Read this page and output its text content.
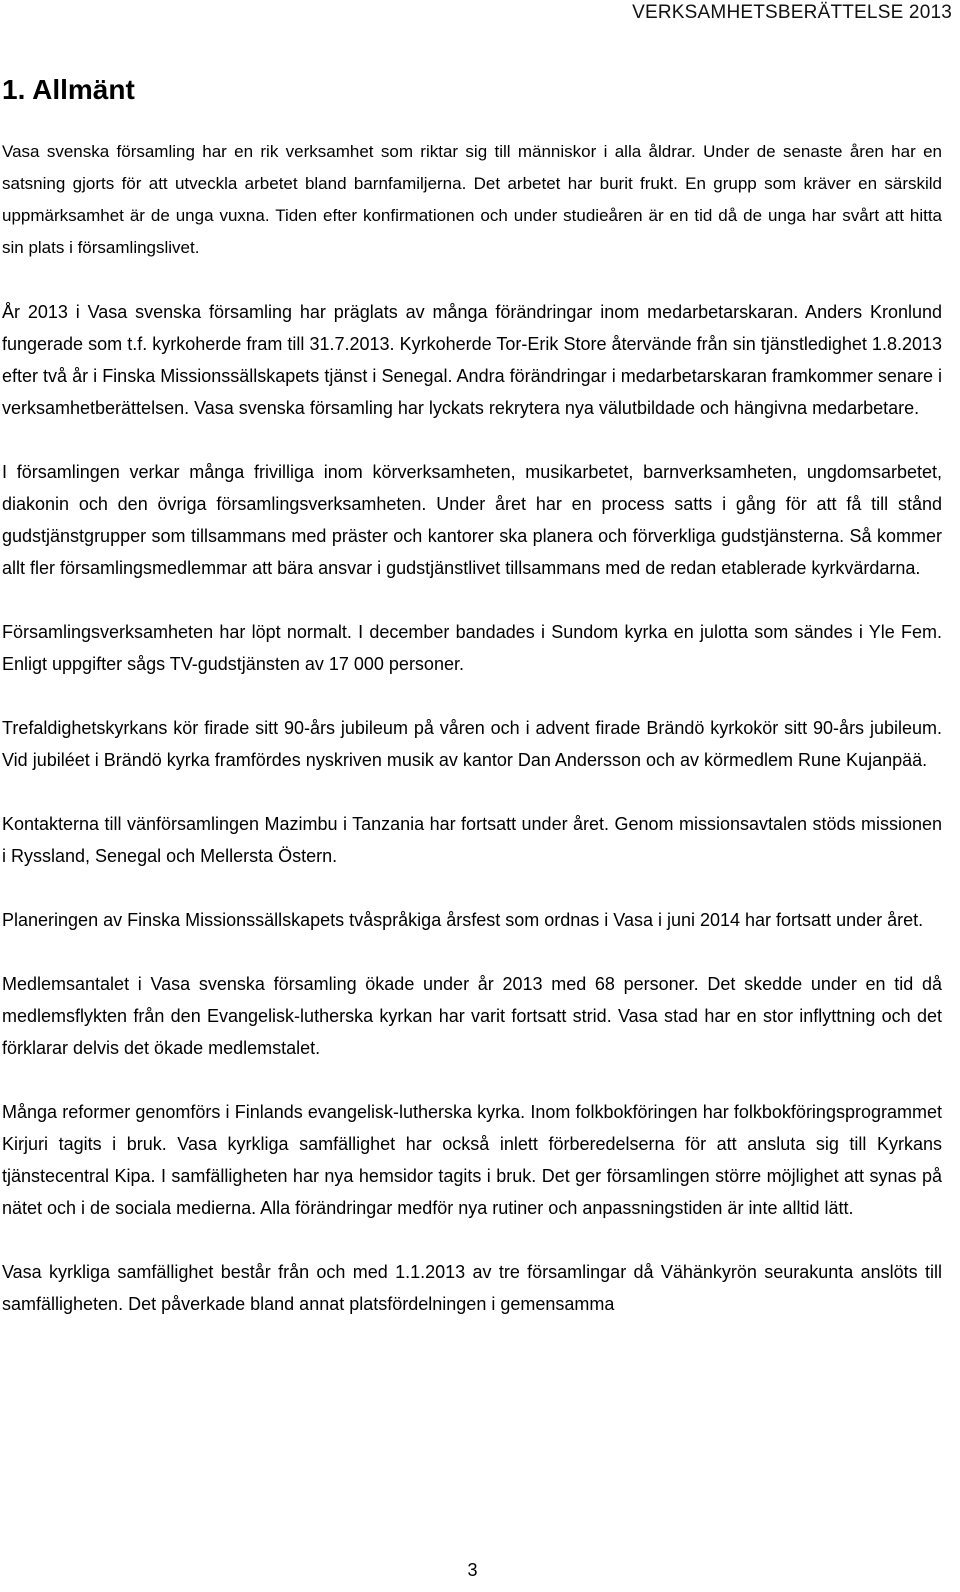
VERKSAMHETSBERÄTTELSE 2013
1. Allmänt

Vasa svenska församling har en rik verksamhet som riktar sig till människor i alla åldrar. Under de senaste åren har en satsning gjorts för att utveckla arbetet bland barnfamiljerna. Det arbetet har burit frukt. En grupp som kräver en särskild uppmärksamhet är de unga vuxna. Tiden efter konfirmationen och under studieåren är en tid då de unga har svårt att hitta sin plats i församlingslivet.

År 2013 i Vasa svenska församling har präglats av många förändringar inom medarbetarskaran. Anders Kronlund fungerade som t.f. kyrkoherde fram till 31.7.2013. Kyrkoherde Tor-Erik Store återvände från sin tjänstledighet 1.8.2013 efter två år i Finska Missionssällskapets tjänst i Senegal. Andra förändringar i medarbetarskaran framkommer senare i verksamhetberättelsen. Vasa svenska församling har lyckats rekrytera nya välutbildade och hängivna medarbetare.

I församlingen verkar många frivilliga inom körverksamheten, musikarbetet, barnverksamheten, ungdomsarbetet, diakonin och den övriga församlingsverksamheten. Under året har en process satts i gång för att få till stånd gudstjänstgrupper som tillsammans med präster och kantorer ska planera och förverkliga gudstjänsterna. Så kommer allt fler församlingsmedlemmar att bära ansvar i gudstjänstlivet tillsammans med de redan etablerade kyrkvärdarna.

Församlingsverksamheten har löpt normalt. I december bandades i Sundom kyrka en julotta som sändes i Yle Fem. Enligt uppgifter sågs TV-gudstjänsten av 17 000 personer.

Trefaldighetskyrkans kör firade sitt 90-års jubileum på våren och i advent firade Brändö kyrkokör sitt 90-års jubileum. Vid jubiléet i Brändö kyrka framfördes nyskriven musik av kantor Dan Andersson och av körmedlem Rune Kujanpää.

Kontakterna till vänförsamlingen Mazimbu i Tanzania har fortsatt under året. Genom missionsavtalen stöds missionen i Ryssland, Senegal och Mellersta Östern.

Planeringen av Finska Missionssällskapets tvåspråkiga årsfest som ordnas i Vasa i juni 2014 har fortsatt under året.

Medlemsantalet i Vasa svenska församling ökade under år 2013 med 68 personer. Det skedde under en tid då medlemsflykten från den Evangelisk-lutherska kyrkan har varit fortsatt strid. Vasa stad har en stor inflyttning och det förklarar delvis det ökade medlemstalet.

Många reformer genomförs i Finlands evangelisk-lutherska kyrka. Inom folkbokföringen har folkbokföringsprogrammet Kirjuri tagits i bruk. Vasa kyrkliga samfällighet har också inlett förberedelserna för att ansluta sig till Kyrkans tjänstecentral Kipa. I samfälligheten har nya hemsidor tagits i bruk. Det ger församlingen större möjlighet att synas på nätet och i de sociala medierna. Alla förändringar medför nya rutiner och anpassningstiden är inte alltid lätt.

Vasa kyrkliga samfällighet består från och med 1.1.2013 av tre församlingar då Vähänkyrön seurakunta anslöts till samfälligheten. Det påverkade bland annat platsfördelningen i gemensamma

3
